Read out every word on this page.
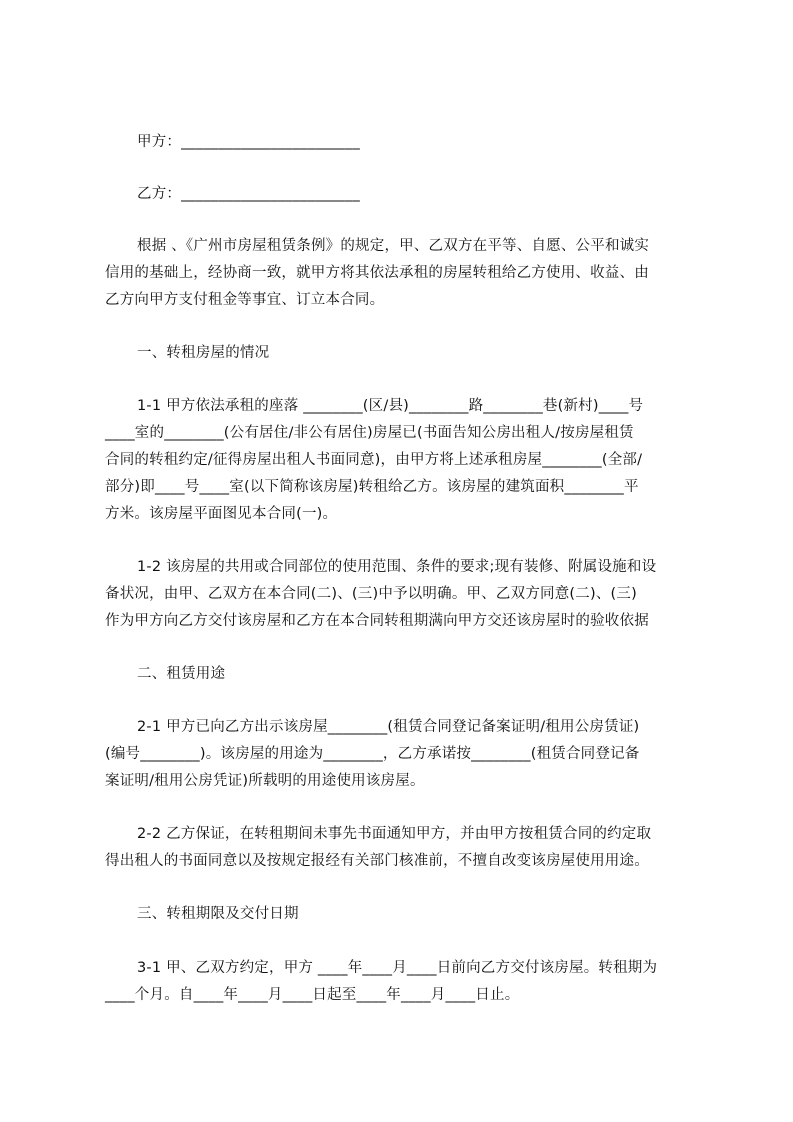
甲方：________________________
乙方：________________________
根据 、《广州市房屋租赁条例》的规定，甲、乙双方在平等、自愿、公平和诚实
信用的基础上，经协商一致，就甲方将其依法承租的房屋转租给乙方使用、收益、由
乙方向甲方支付租金等事宜、订立本合同。
一、转租房屋的情况
1-1 甲方依法承租的座落 ________(区/县)________路________巷(新村)____号
____室的________(公有居住/非公有居住)房屋已(书面告知公房出租人/按房屋租赁
合同的转租约定/征得房屋出租人书面同意)，由甲方将上述承租房屋________(全部/
部分)即____号____室(以下简称该房屋)转租给乙方。该房屋的建筑面积________平
方米。该房屋平面图见本合同(一)。
1-2 该房屋的共用或合同部位的使用范围、条件的要求;现有装修、附属设施和设
备状况，由甲、乙双方在本合同(二)、(三)中予以明确。甲、乙双方同意(二)、(三)
作为甲方向乙方交付该房屋和乙方在本合同转租期满向甲方交还该房屋时的验收依据
二、租赁用途
2-1 甲方已向乙方出示该房屋________(租赁合同登记备案证明/租用公房赁证)
(编号________)。该房屋的用途为________，乙方承诺按________(租赁合同登记备
案证明/租用公房凭证)所载明的用途使用该房屋。
2-2 乙方保证，在转租期间未事先书面通知甲方，并由甲方按租赁合同的约定取
得出租人的书面同意以及按规定报经有关部门核准前，不擅自改变该房屋使用用途。
三、转租期限及交付日期
3-1 甲、乙双方约定，甲方 ____年____月____日前向乙方交付该房屋。转租期为
____个月。自____年____月____日起至____年____月____日止。
